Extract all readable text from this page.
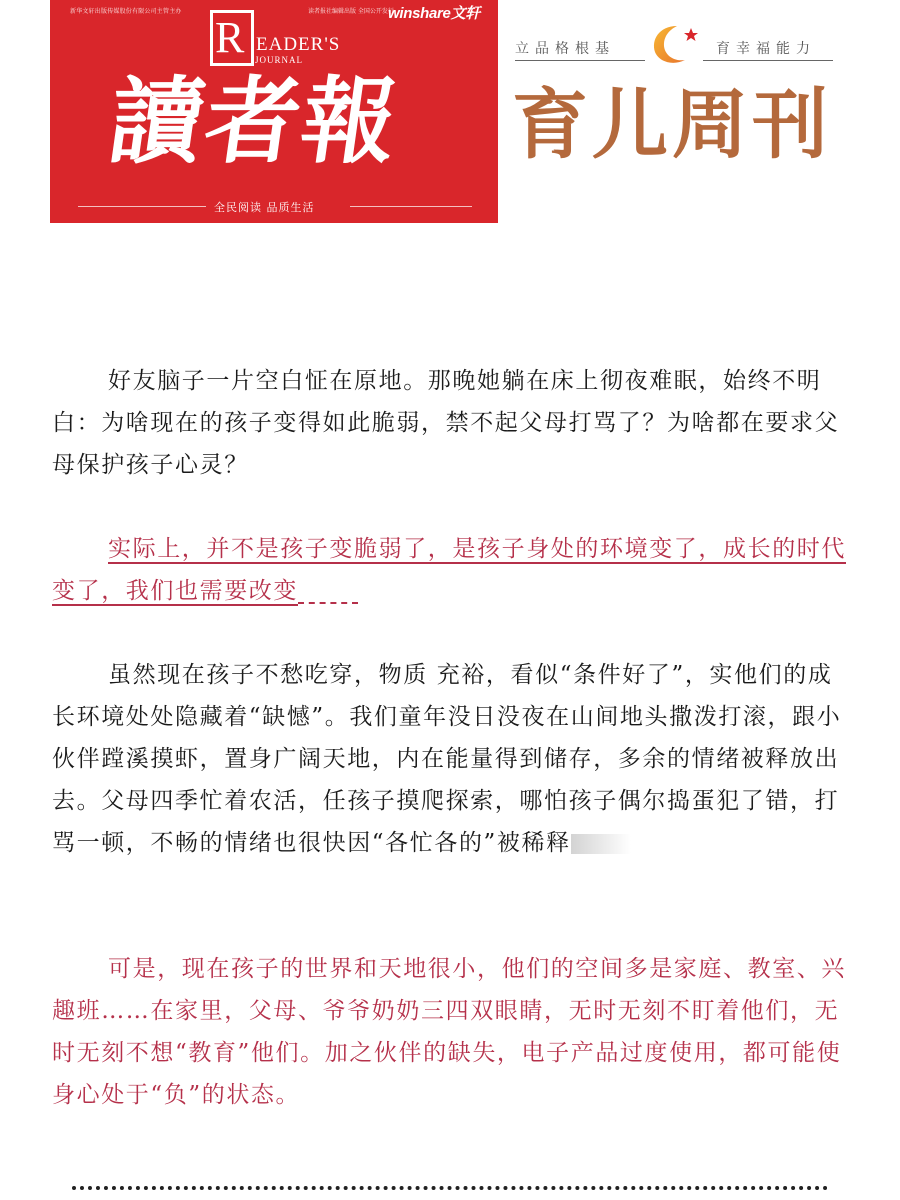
新华文轩出版传媒股份有限公司主管主办	读者报社编辑出版 全国公开发行
winshare文轩
R EADER'S
JOURNAL
讀者報
全民阅读 品质生活
立品格根基	育幸福能力
育儿周刊

好友脑子一片空白怔在原地。那晚她躺在床上彻夜难眠，始终不明白：为啥现在的孩子变得如此脆弱，禁不起父母打骂了？为啥都在要求父母保护孩子心灵？

实际上，并不是孩子变脆弱了，是孩子身处的环境变了，成长的时代变了，我们也需要改变

虽然现在孩子不愁吃穿，物质 充裕，看似“条件好了”，实他们的成长环境处处隐藏着“缺憾”。我们童年没日没夜在山间地头撒泼打滚，跟小伙伴蹚溪摸虾，置身广阔天地，内在能量得到储存，多余的情绪被释放出去。父母四季忙着农活，任孩子摸爬探索，哪怕孩子偶尔捣蛋犯了错，打骂一顿，不畅的情绪也很快因“各忙各的”被稀释

可是，现在孩子的世界和天地很小，他们的空间多是家庭、教室、兴趣班……在家里，父母、爷爷奶奶三四双眼睛，无时无刻不盯着他们，无时无刻不想“教育”他们。加之伙伴的缺失，电子产品过度使用，都可能使身心处于“负”的状态。
